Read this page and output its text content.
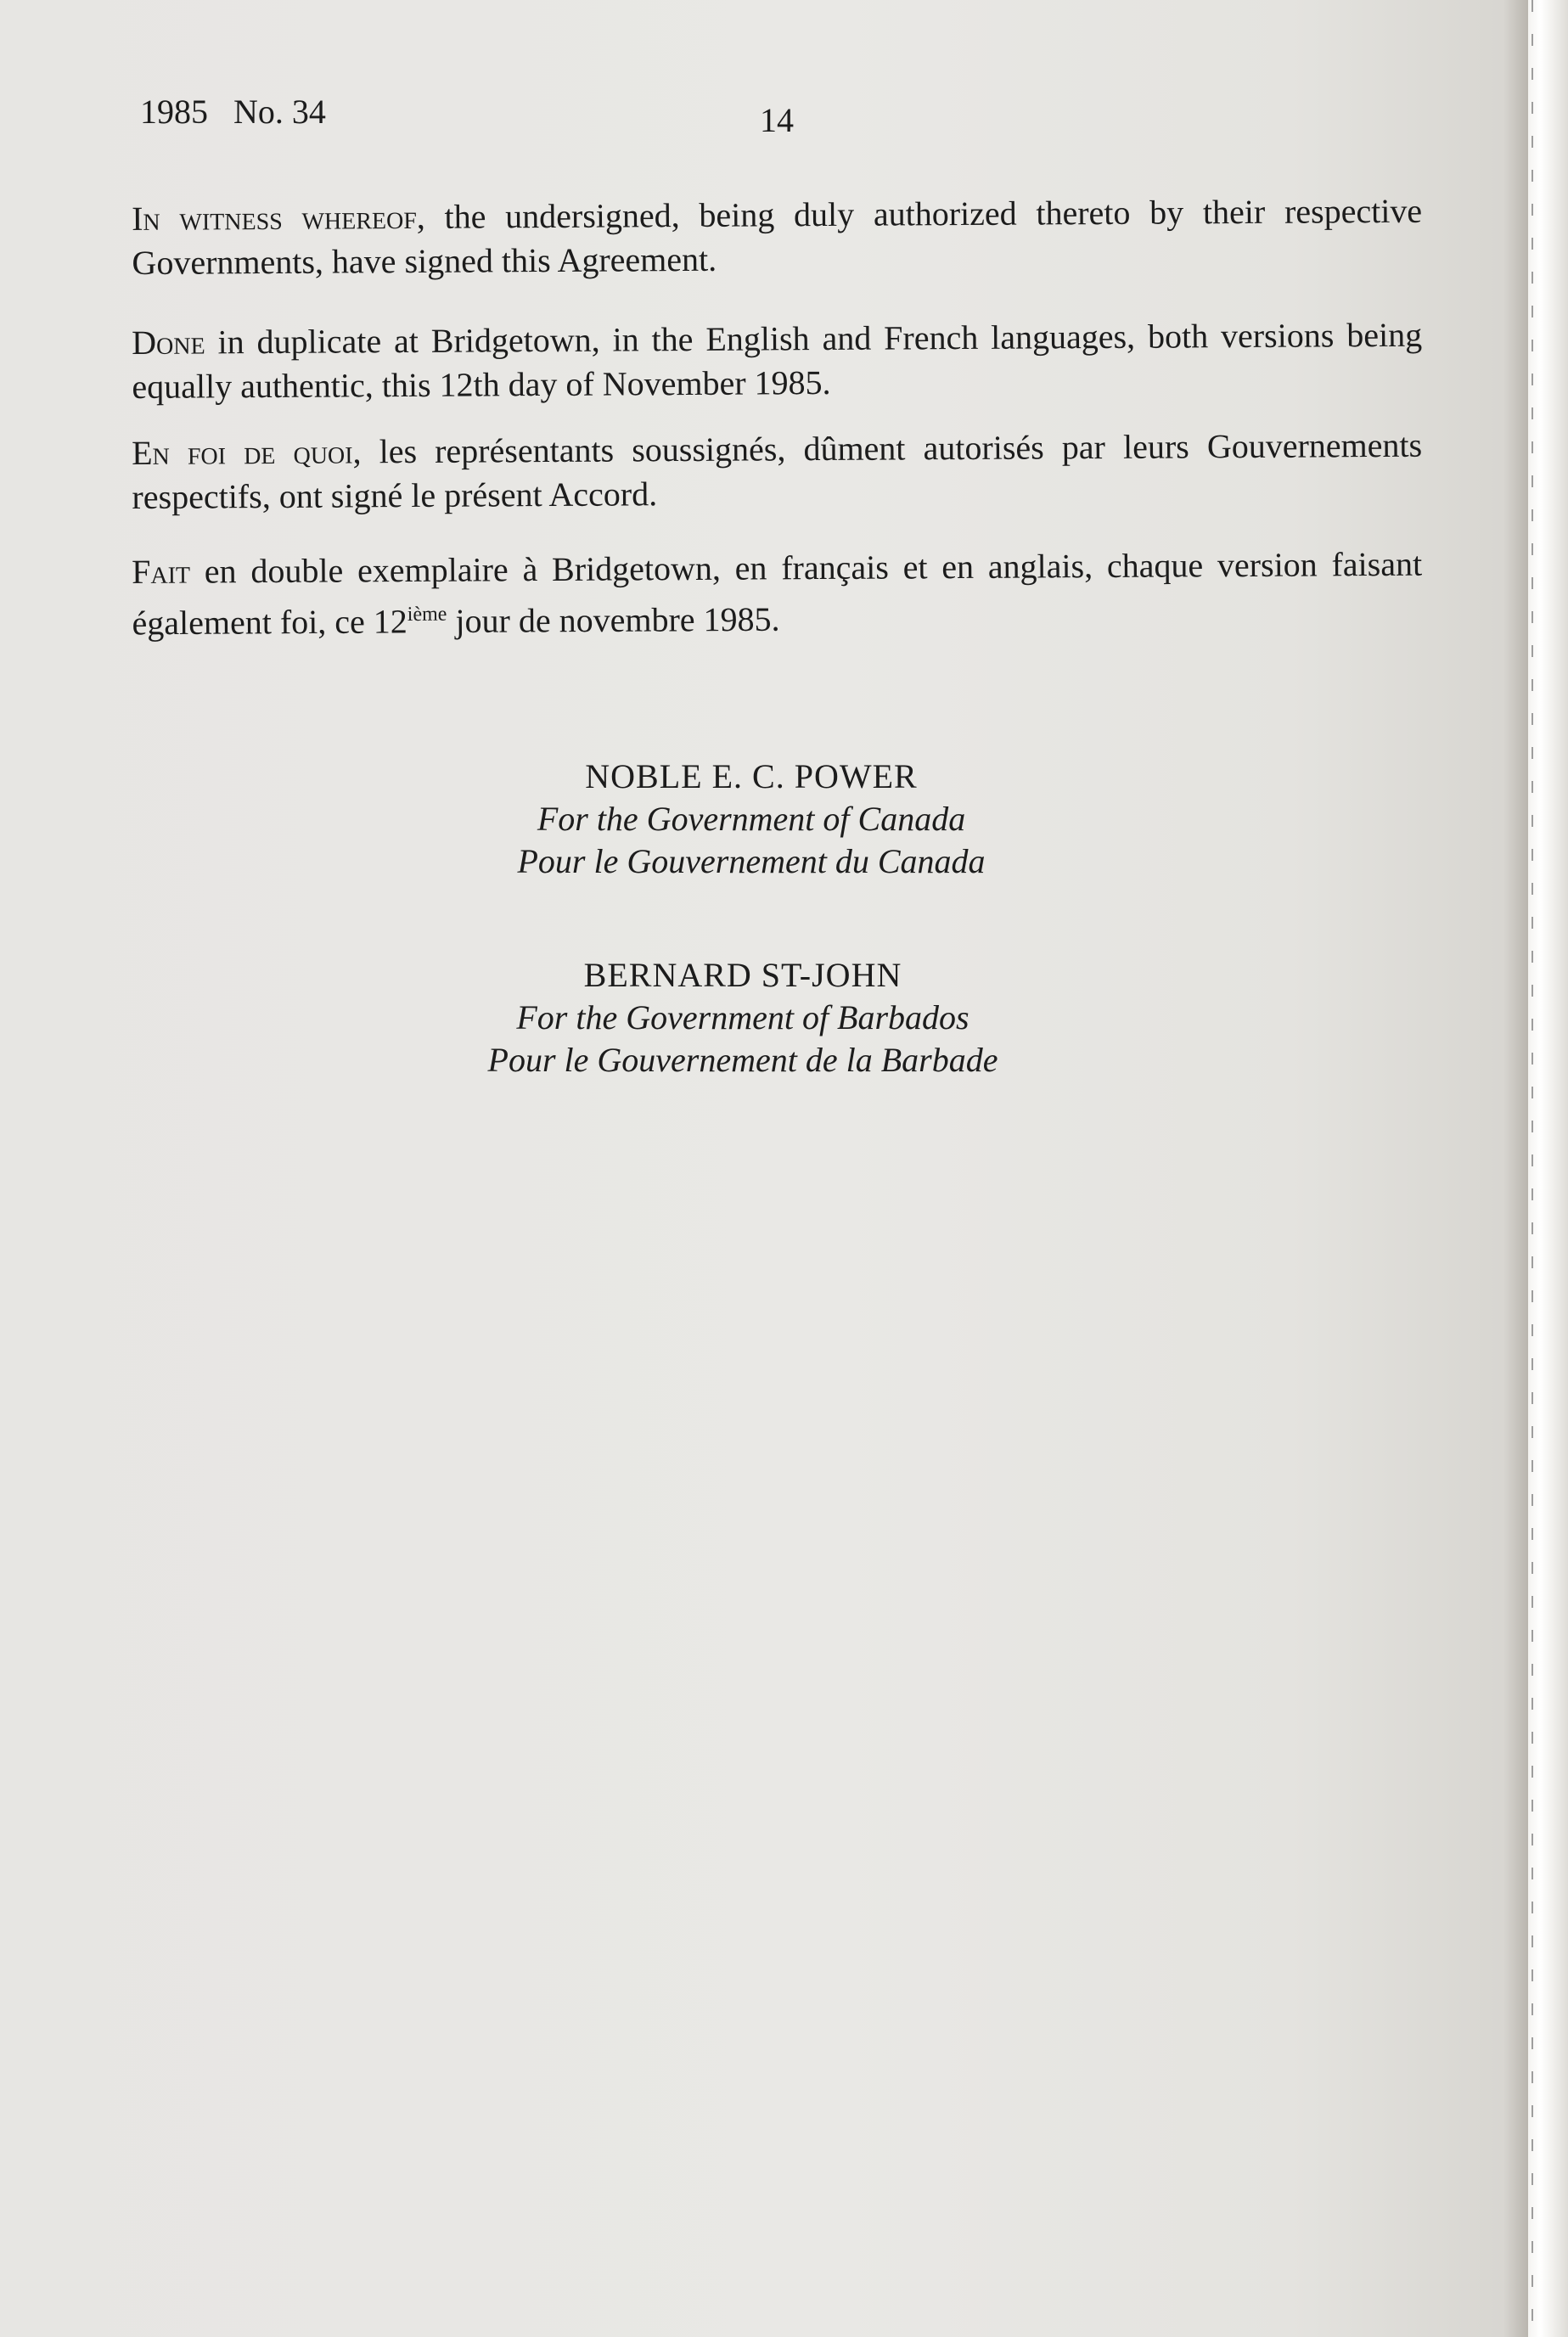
1985   No. 34	14
In witness whereof, the undersigned, being duly authorized thereto by their respective Governments, have signed this Agreement.
Done in duplicate at Bridgetown, in the English and French languages, both versions being equally authentic, this 12th day of November 1985.
En foi de quoi, les représentants soussignés, dûment autorisés par leurs Gouvernements respectifs, ont signé le présent Accord.
Fait en double exemplaire à Bridgetown, en français et en anglais, chaque version faisant également foi, ce 12ième jour de novembre 1985.
NOBLE E. C. POWER
For the Government of Canada
Pour le Gouvernement du Canada
BERNARD ST-JOHN
For the Government of Barbados
Pour le Gouvernement de la Barbade
